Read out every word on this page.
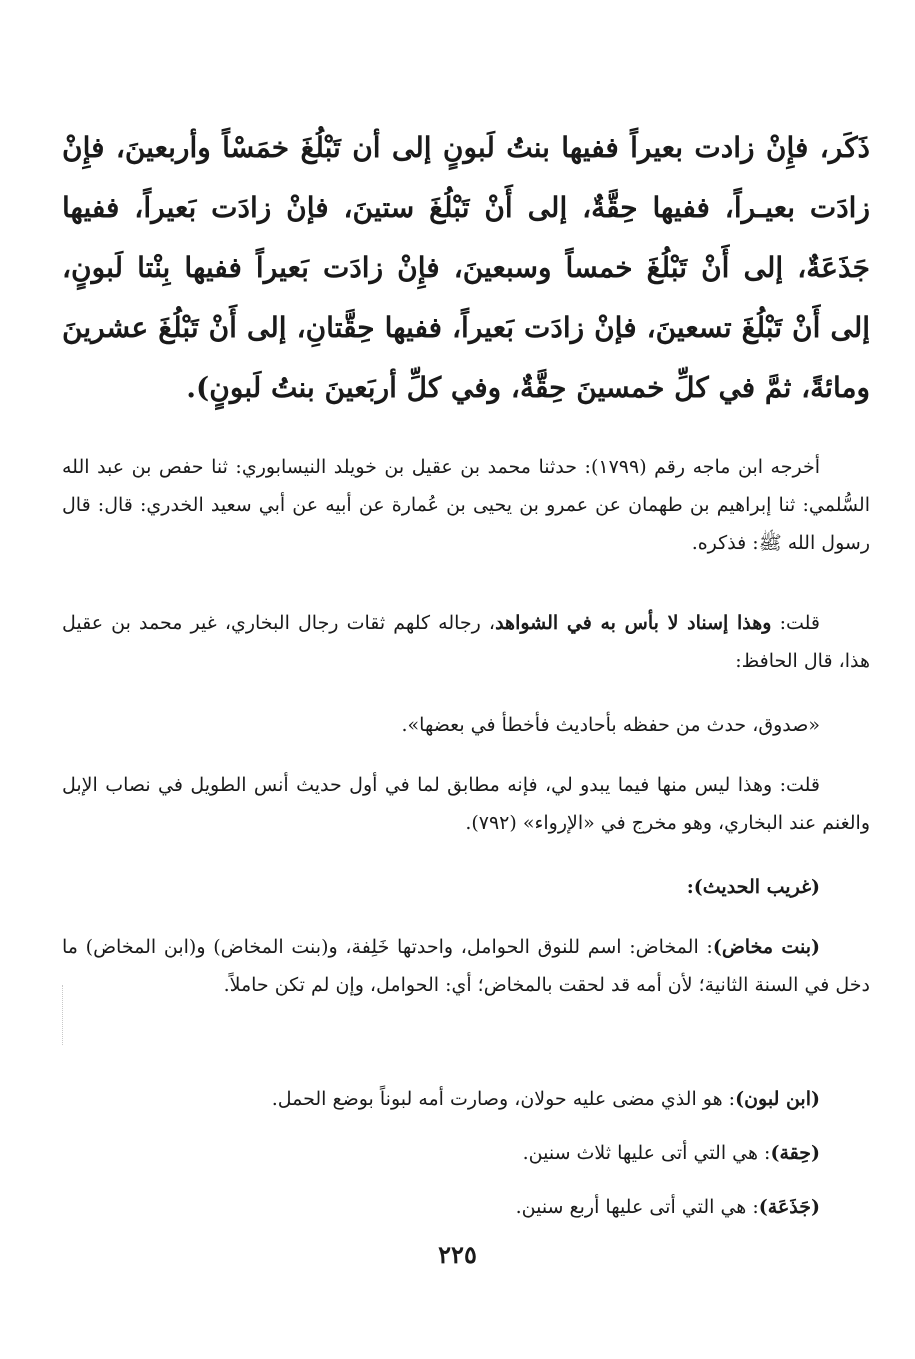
ذَكَر، فإِنْ زادت بعيراً ففيها بنتُ لَبونٍ إلى أن تَبْلُغَ خمَسْاً وأربعينَ، فإِنْ زادَت بعيـراً، ففيها حِقَّةٌ، إلى أَنْ تَبْلُغَ ستينَ، فإنْ زادَت بَعيراً، ففيها جَذَعَةٌ، إلى أَنْ تَبْلُغَ خمساً وسبعينَ، فإِنْ زادَت بَعيراً ففيها بِنْتا لَبونٍ، إلى أَنْ تَبْلُغَ تسعينَ، فإنْ زادَت بَعيراً، ففيها حِقَّتانِ، إلى أَنْ تَبْلُغَ عشرينَ ومائةً، ثمَّ في كلِّ خمسينَ حِقَّةٌ، وفي كلِّ أربَعينَ بنتُ لَبونٍ).
أخرجه ابن ماجه رقم (١٧٩٩): حدثنا محمد بن عقيل بن خويلد النيسابوري: ثنا حفص بن عبد الله السُّلمي: ثنا إبراهيم بن طهمان عن عمرو بن يحيى بن عُمارة عن أبيه عن أبي سعيد الخدري: قال: قال رسول الله ﷺ: فذكره.
قلت: وهذا إسناد لا بأس به في الشواهد، رجاله كلهم ثقات رجال البخاري، غير محمد بن عقيل هذا، قال الحافظ:
«صدوق، حدث من حفظه بأحاديث فأخطأ في بعضها».
قلت: وهذا ليس منها فيما يبدو لي، فإنه مطابق لما في أول حديث أنس الطويل في نصاب الإبل والغنم عند البخاري، وهو مخرج في «الإرواء» (٧٩٢).
(غريب الحديث):
(بنت مخاض): المخاض: اسم للنوق الحوامل، واحدتها خَلِفة، و(بنت المخاض) و(ابن المخاض) ما دخل في السنة الثانية؛ لأن أمه قد لحقت بالمخاض؛ أي: الحوامل، وإن لم تكن حاملاً.
(ابن لبون): هو الذي مضى عليه حولان، وصارت أمه لبوناً بوضع الحمل.
(حِقة): هي التي أتى عليها ثلاث سنين.
(جَذَعَة): هي التي أتى عليها أربع سنين.
٢٢٥
